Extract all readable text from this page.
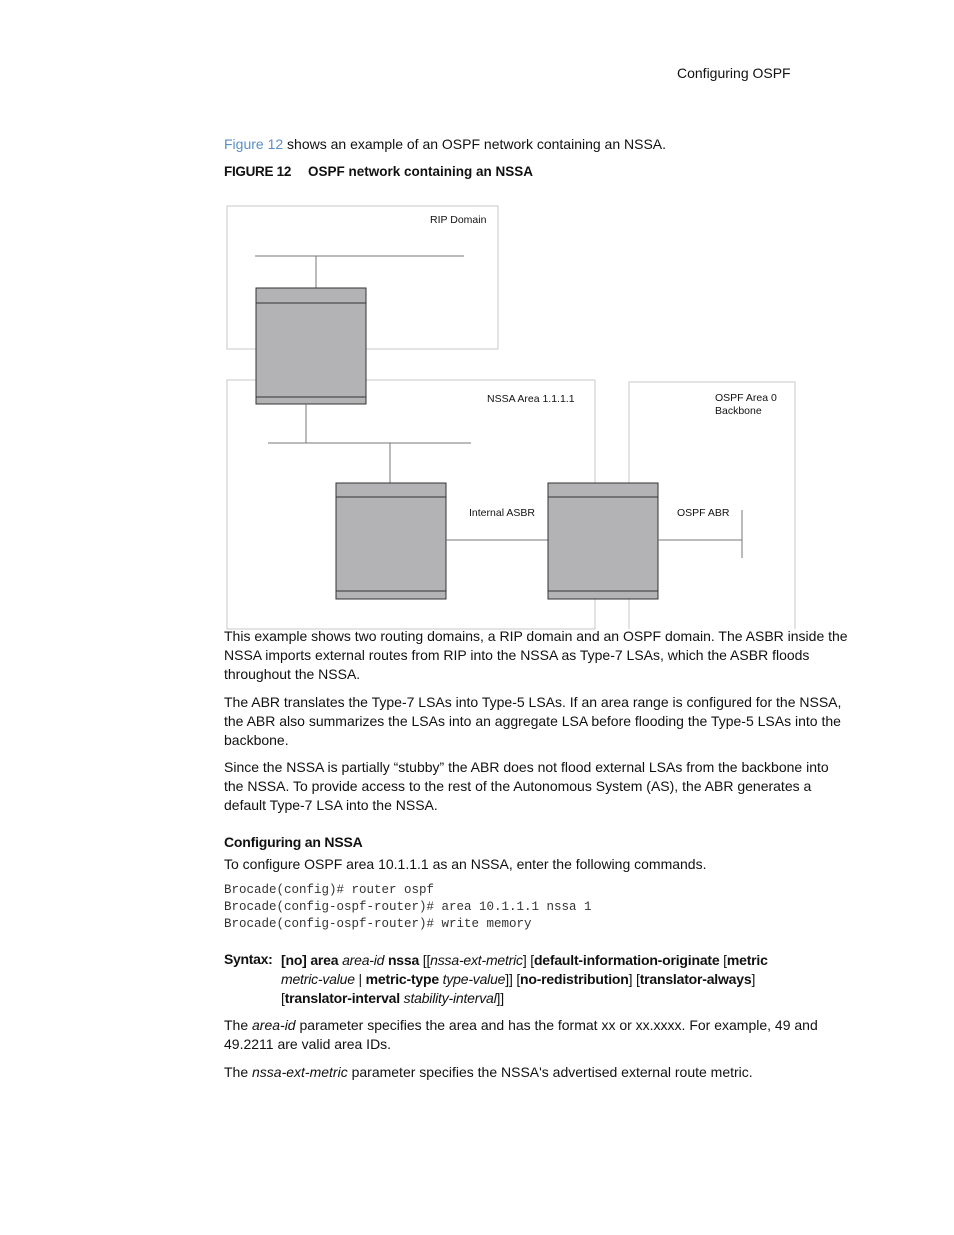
Configuring OSPF
Figure 12 shows an example of an OSPF network containing an NSSA.
FIGURE 12 OSPF network containing an NSSA
RIP Domain
NSSA Area 1.1.1.1	OSPF Area 0
Backbone
Internal ASBR	OSPF ABR
This example shows two routing domains, a RIP domain and an OSPF domain. The ASBR inside the
NSSA imports external routes from RIP into the NSSA as Type-7 LSAs, which the ASBR floods
throughout the NSSA.
The ABR translates the Type-7 LSAs into Type-5 LSAs. If an area range is configured for the NSSA,
the ABR also summarizes the LSAs into an aggregate LSA before flooding the Type-5 LSAs into the
backbone.
Since the NSSA is partially “stubby” the ABR does not flood external LSAs from the backbone into
the NSSA. To provide access to the rest of the Autonomous System (AS), the ABR generates a
default Type-7 LSA into the NSSA.
Configuring an NSSA
To configure OSPF area 10.1.1.1 as an NSSA, enter the following commands.
Brocade(config)# router ospf
Brocade(config-ospf-router)# area 10.1.1.1 nssa 1
Brocade(config-ospf-router)# write memory
Syntax: [no] area area-id nssa [[nssa-ext-metric] [default-information-originate [metric
metric-value | metric-type type-value]] [no-redistribution] [translator-always]
[translator-interval stability-interval]]
The area-id parameter specifies the area and has the format xx or xx.xxxx. For example, 49 and
49.2211 are valid area IDs.
The nssa-ext-metric parameter specifies the NSSA's advertised external route metric.
